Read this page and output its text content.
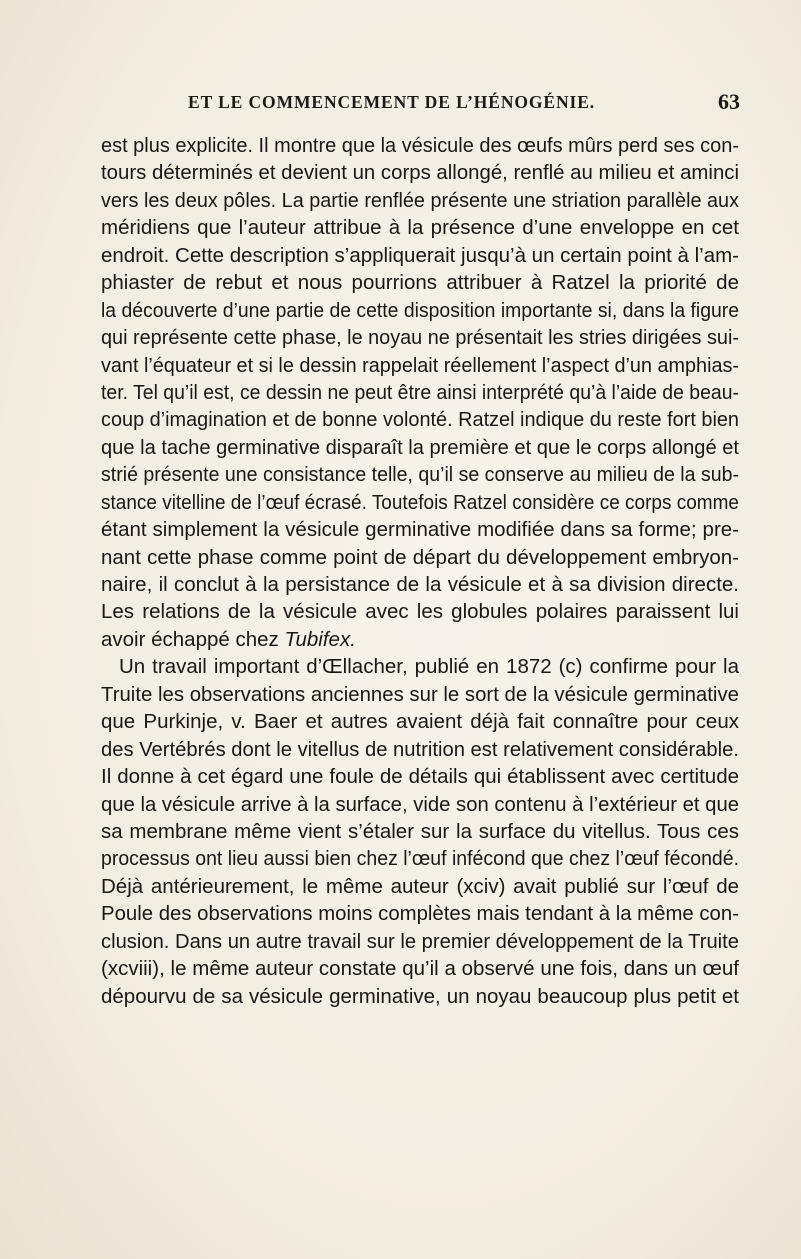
ET LE COMMENCEMENT DE L’HÉNOGÉNIE.	63
est plus explicite. Il montre que la vésicule des œufs mûrs perd ses con-
tours déterminés et devient un corps allongé, renflé au milieu et aminci
vers les deux pôles. La partie renflée présente une striation parallèle aux
méridiens que l’auteur attribue à la présence d’une enveloppe en cet
endroit. Cette description s’appliquerait jusqu’à un certain point à l’am-
phiaster de rebut et nous pourrions attribuer à Ratzel la priorité de
la découverte d’une partie de cette disposition importante si, dans la figure
qui représente cette phase, le noyau ne présentait les stries dirigées sui-
vant l’équateur et si le dessin rappelait réellement l’aspect d’un amphias-
ter. Tel qu’il est, ce dessin ne peut être ainsi interprété qu’à l’aide de beau-
coup d’imagination et de bonne volonté. Ratzel indique du reste fort bien
que la tache germinative disparaît la première et que le corps allongé et
strié présente une consistance telle, qu’il se conserve au milieu de la sub-
stance vitelline de l’œuf écrasé. Toutefois Ratzel considère ce corps comme
étant simplement la vésicule germinative modifiée dans sa forme; pre-
nant cette phase comme point de départ du développement embryon-
naire, il conclut à la persistance de la vésicule et à sa division directe.
Les relations de la vésicule avec les globules polaires paraissent lui
avoir échappé chez Tubifex.
Un travail important d’Œllacher, publié en 1872 (c) confirme pour la
Truite les observations anciennes sur le sort de la vésicule germinative
que Purkinje, v. Baer et autres avaient déjà fait connaître pour ceux
des Vertébrés dont le vitellus de nutrition est relativement considérable.
Il donne à cet égard une foule de détails qui établissent avec certitude
que la vésicule arrive à la surface, vide son contenu à l’extérieur et que
sa membrane même vient s’étaler sur la surface du vitellus. Tous ces
processus ont lieu aussi bien chez l’œuf infécond que chez l’œuf fécondé.
Déjà antérieurement, le même auteur (xciv) avait publié sur l’œuf de
Poule des observations moins complètes mais tendant à la même con-
clusion. Dans un autre travail sur le premier développement de la Truite
(xcviii), le même auteur constate qu’il a observé une fois, dans un œuf
dépourvu de sa vésicule germinative, un noyau beaucoup plus petit et
